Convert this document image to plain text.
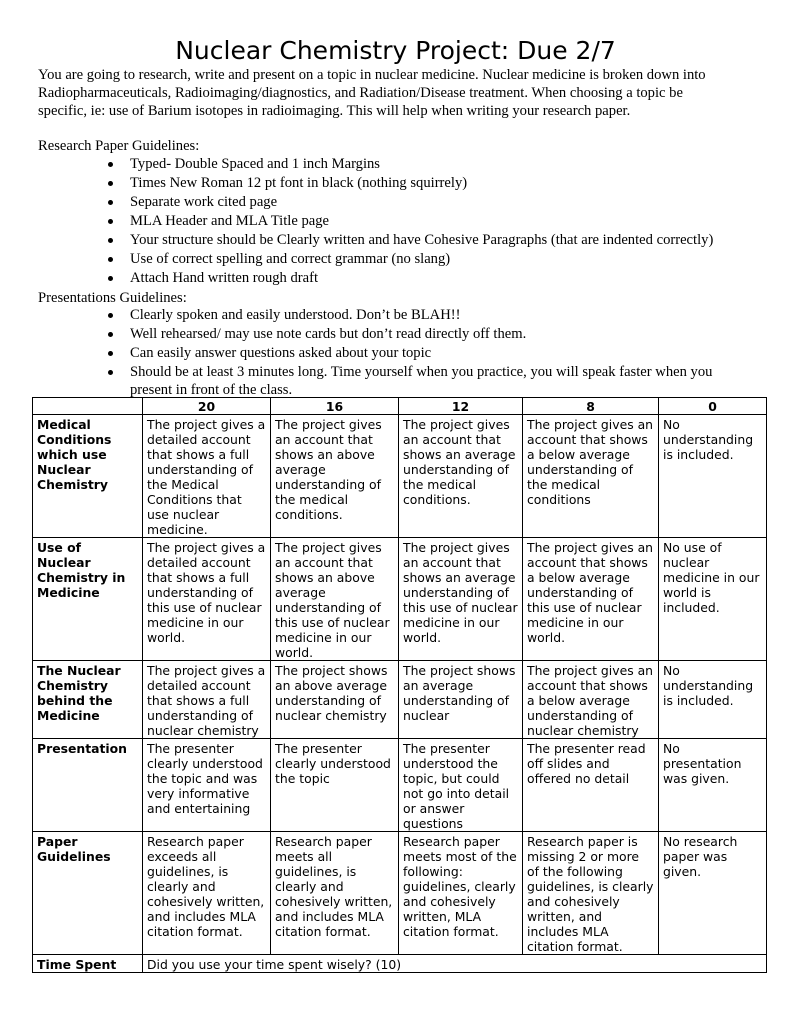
Nuclear Chemistry Project: Due 2/7

You are going to research, write and present on a topic in nuclear medicine. Nuclear medicine is broken down into

Radiopharmaceuticals, Radioimaging/diagnostics, and Radiation/Disease treatment. When choosing a topic be

specific, ie: use of Barium isotopes in radioimaging. This will help when writing your research paper.

Research Paper Guidelines:
Typed- Double Spaced and 1 inch Margins
Times New Roman 12 pt font in black (nothing squirrely)
Separate work cited page
MLA Header and MLA Title page
Your structure should be Clearly written and have Cohesive Paragraphs (that are indented correctly)
Use of correct spelling and correct grammar (no slang)
Attach Hand written rough draft
Presentations Guidelines:
Clearly spoken and easily understood. Don’t be BLAH!!
Well rehearsed/ may use note cards but don’t read directly off them.
Can easily answer questions asked about your topic
Should be at least 3 minutes long. Time yourself when you practice, you will speak faster when you present in front of the class.
	20	16	12	8	0
Medical Conditions which use Nuclear Chemistry	The project gives a detailed account that shows a full understanding of the Medical Conditions that use nuclear medicine.	The project gives an account that shows an above average understanding of the medical conditions.	The project gives an account that shows an average understanding of the medical conditions.	The project gives an account that shows a below average understanding of the medical conditions	No understanding is included.
Use of Nuclear Chemistry in Medicine	The project gives a detailed account that shows a full understanding of this use of nuclear medicine in our world.	The project gives an account that shows an above average understanding of this use of nuclear medicine in our world.	The project gives an account that shows an average understanding of this use of nuclear medicine in our world.	The project gives an account that shows a below average understanding of this use of nuclear medicine in our world.	No use of nuclear medicine in our world is included.
The Nuclear Chemistry behind the Medicine	The project gives a detailed account that shows a full understanding of nuclear chemistry	The project shows an above average understanding of nuclear chemistry	The project shows an average understanding of nuclear	The project gives an account that shows a below average understanding of nuclear chemistry	No understanding is included.
Presentation	The presenter clearly understood the topic and was very informative and entertaining	The presenter clearly understood the topic	The presenter understood the topic, but could not go into detail or answer questions	The presenter read off slides and offered no detail	No presentation was given.
Paper Guidelines	Research paper exceeds all guidelines, is clearly and cohesively written, and includes MLA citation format.	Research paper meets all guidelines, is clearly and cohesively written, and includes MLA citation format.	Research paper meets most of the following: guidelines, clearly and cohesively written, MLA citation format.	Research paper is missing 2 or more of the following guidelines, is clearly and cohesively written, and includes MLA citation format.	No research paper was given.
Time Spent	Did you use your time spent wisely? (10)				
